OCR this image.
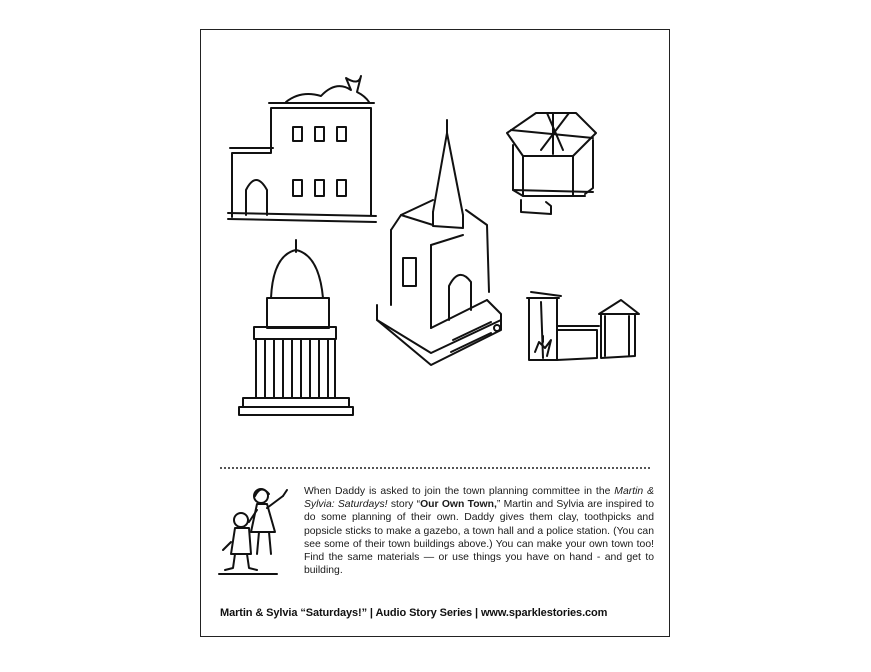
When Daddy is asked to join the town planning committee in the Martin & Sylvia: Saturdays! story “Our Own Town,” Martin and Sylvia are inspired to do some planning of their own. Daddy gives them clay, toothpicks and popsicle sticks to make a gazebo, a town hall and a police station. (You can see some of their town buildings above.) You can make your own town too! Find the same materials — or use things you have on hand - and get to building.
Martin & Sylvia “Saturdays!” | Audio Story Series | www.sparklestories.com
